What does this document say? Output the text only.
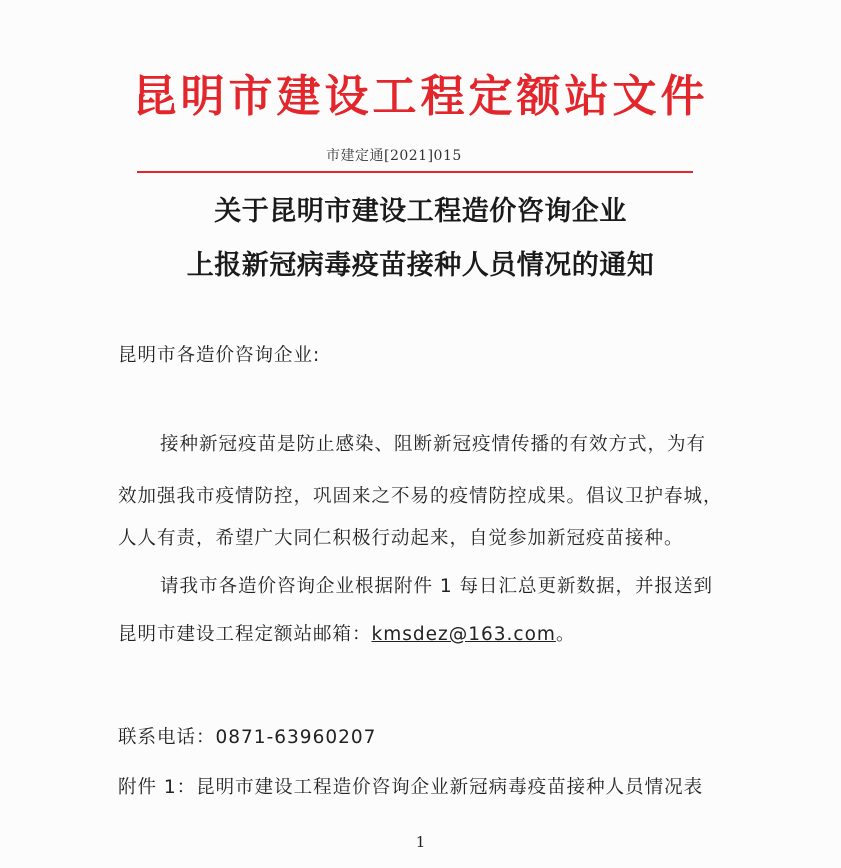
昆明市建设工程定额站文件
市建定通[2021]015
关于昆明市建设工程造价咨询企业
上报新冠病毒疫苗接种人员情况的通知
昆明市各造价咨询企业:
接种新冠疫苗是防止感染、阻断新冠疫情传播的有效方式，为有
效加强我市疫情防控，巩固来之不易的疫情防控成果。倡议卫护春城，
人人有责，希望广大同仁积极行动起来，自觉参加新冠疫苗接种。
请我市各造价咨询企业根据附件 1 每日汇总更新数据，并报送到
昆明市建设工程定额站邮箱：kmsdez@163.com。
联系电话：0871-63960207
附件 1：昆明市建设工程造价咨询企业新冠病毒疫苗接种人员情况表
1
